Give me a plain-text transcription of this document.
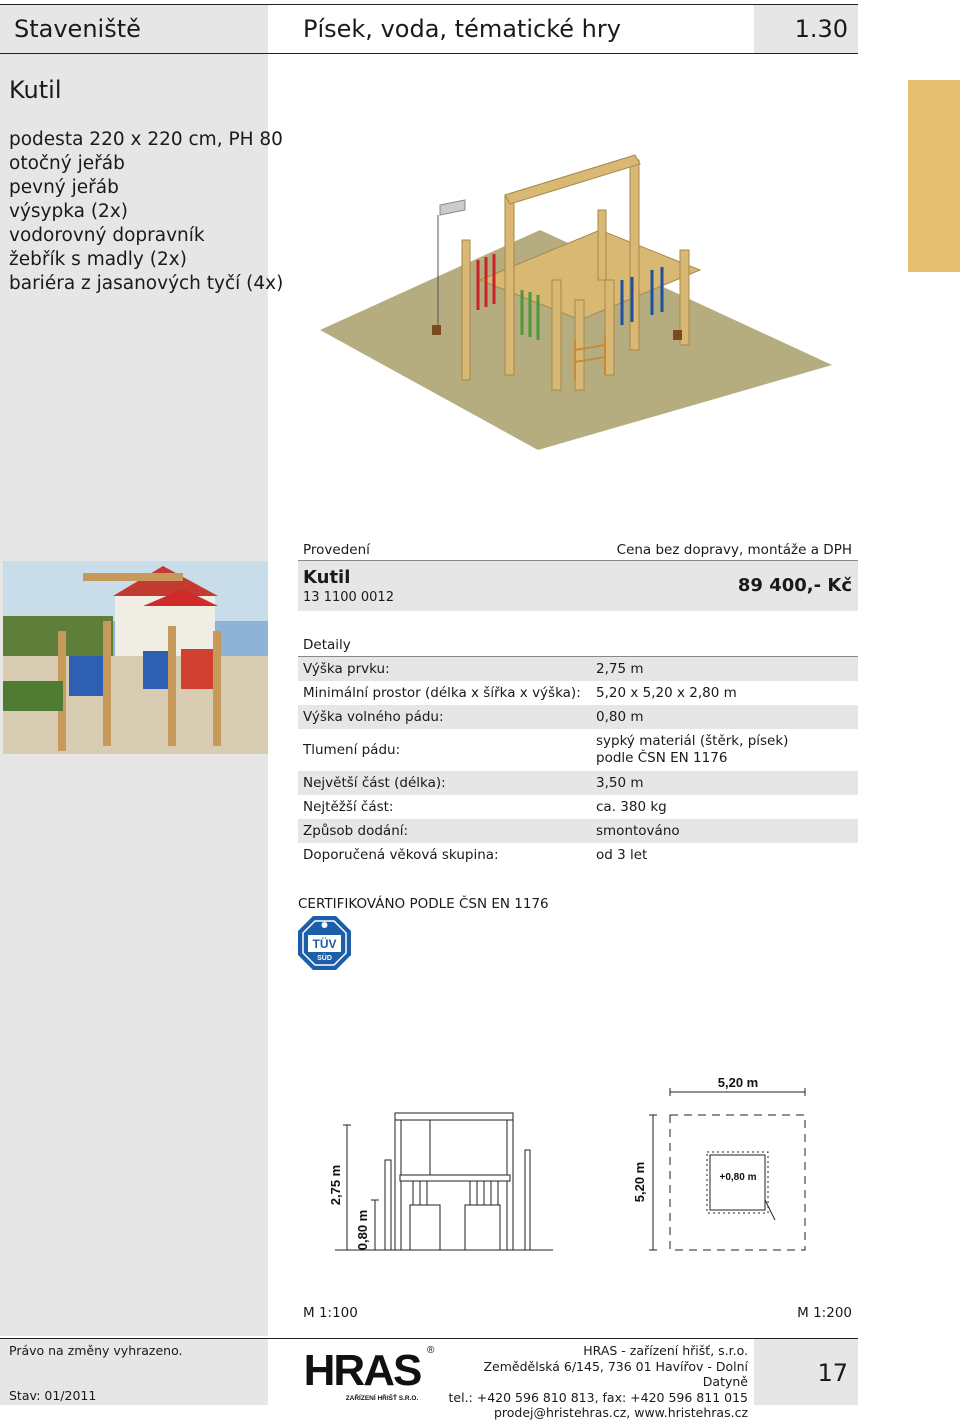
Staveniště	Písek, voda, tématické hry	1.30
Kutil
podesta 220 x 220 cm, PH 80
otočný jeřáb
pevný jeřáb
výsypka (2x)
vodorovný dopravník
žebřík s madly (2x)
bariéra z jasanových tyčí (4x)
Provedení	Cena bez dopravy, montáže a DPH
Kutil
13 1100 0012
89 400,- Kč
Detaily
Výška prvku:	2,75 m
Minimální prostor (délka x šířka x výška):	5,20 x 5,20 x 2,80 m
Výška volného pádu:	0,80 m
Tlumení pádu:
sypký materiál (štěrk, písek)
podle ČSN EN 1176
Největší část (délka):	3,50 m
Nejtěžší část:	ca. 380 kg
Způsob dodání:	smontováno
Doporučená věková skupina:	od 3 let
CERTIFIKOVÁNO PODLE ČSN EN 1176
TÜV
SÜD
2,75 m
0,80 m
5,20 m
5,20 m	+0,80 m
M 1:100	M 1:200
Právo na změny vyhrazeno.
Stav: 01/2011
HRAS ®
ZAŘÍZENÍ HŘIŠŤ S.R.O.
HRAS - zařízení hřišť, s.r.o.
Zemědělská 6/145, 736 01 Havířov - Dolní Datyně
tel.: +420 596 810 813, fax: +420 596 811 015
prodej@hristehras.cz, www.hristehras.cz
17
